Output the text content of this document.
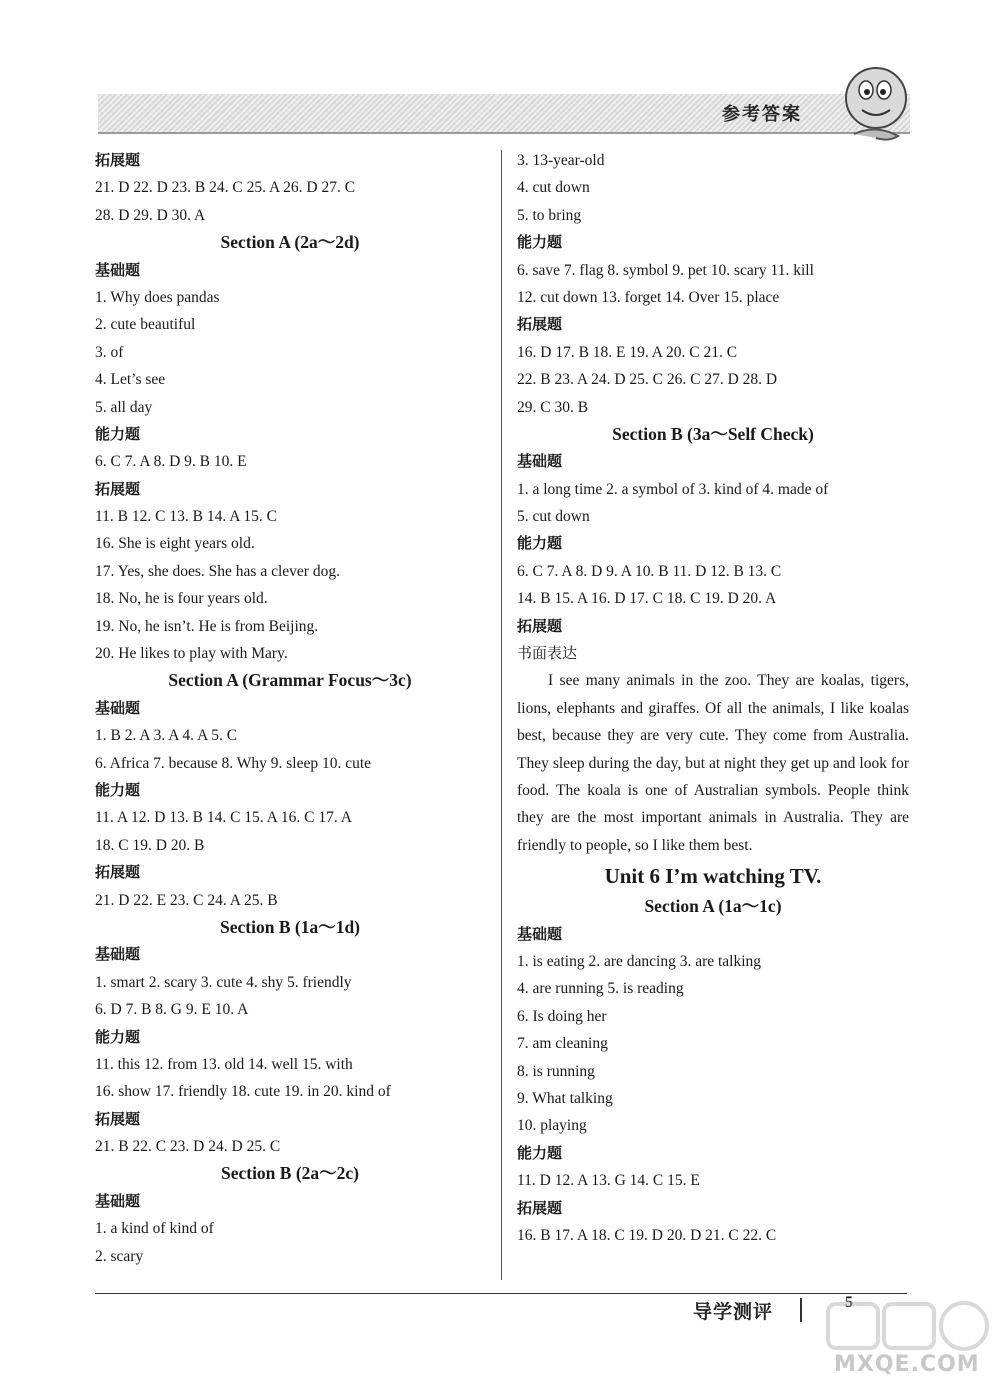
参考答案
拓展题
21. D 22. D 23. B 24. C 25. A 26. D 27. C
28. D 29. D 30. A
Section A (2a～2d)
基础题
1. Why does pandas
2. cute beautiful
3. of
4. Let’s see
5. all day
能力题
6. C 7. A 8. D 9. B 10. E
拓展题
11. B 12. C 13. B 14. A 15. C
16. She is eight years old.
17. Yes, she does. She has a clever dog.
18. No, he is four years old.
19. No, he isn’t. He is from Beijing.
20. He likes to play with Mary.
Section A (Grammar Focus～3c)
基础题
1. B 2. A 3. A 4. A 5. C
6. Africa 7. because 8. Why 9. sleep 10. cute
能力题
11. A 12. D 13. B 14. C 15. A 16. C 17. A
18. C 19. D 20. B
拓展题
21. D 22. E 23. C 24. A 25. B
Section B (1a～1d)
基础题
1. smart 2. scary 3. cute 4. shy 5. friendly
6. D 7. B 8. G 9. E 10. A
能力题
11. this 12. from 13. old 14. well 15. with
16. show 17. friendly 18. cute 19. in 20. kind of
拓展题
21. B 22. C 23. D 24. D 25. C
Section B (2a～2c)
基础题
1. a kind of kind of
2. scary
3. 13-year-old
4. cut down
5. to bring
能力题
6. save 7. flag 8. symbol 9. pet 10. scary 11. kill
12. cut down 13. forget 14. Over 15. place
拓展题
16. D 17. B 18. E 19. A 20. C 21. C
22. B 23. A 24. D 25. C 26. C 27. D 28. D
29. C 30. B
Section B (3a～Self Check)
基础题
1. a long time 2. a symbol of 3. kind of 4. made of
5. cut down
能力题
6. C 7. A 8. D 9. A 10. B 11. D 12. B 13. C
14. B 15. A 16. D 17. C 18. C 19. D 20. A
拓展题
书面表达
I see many animals in the zoo. They are koalas, tigers, lions, elephants and giraffes. Of all the animals, I like koalas best, because they are very cute. They come from Australia. They sleep during the day, but at night they get up and look for food. The koala is one of Australian symbols. People think they are the most important animals in Australia. They are friendly to people, so I like them best.
Unit 6 I’m watching TV.
Section A (1a～1c)
基础题
1. is eating 2. are dancing 3. are talking
4. are running 5. is reading
6. Is doing her
7. am cleaning
8. is running
9. What talking
10. playing
能力题
11. D 12. A 13. G 14. C 15. E
拓展题
16. B 17. A 18. C 19. D 20. D 21. C 22. C
导学测评	5
MXQE.COM
